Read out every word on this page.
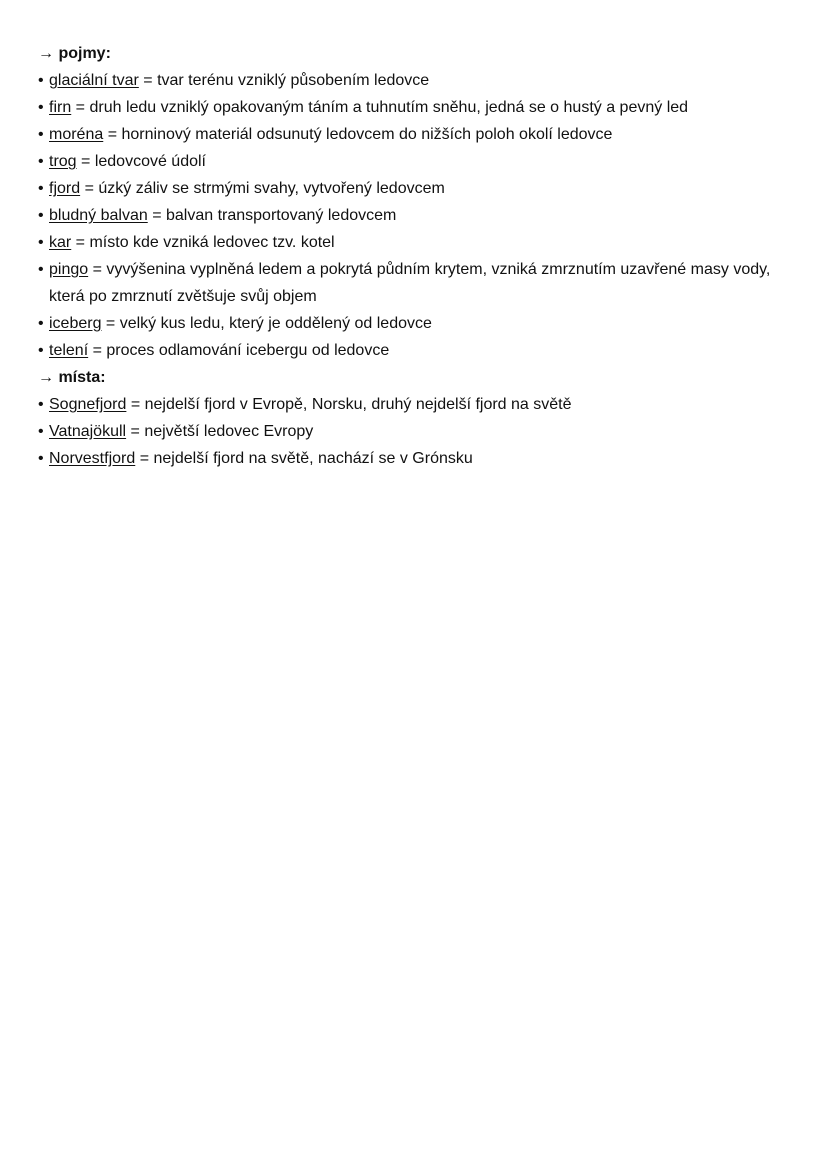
→ pojmy:
• glaciální tvar = tvar terénu vzniklý působením ledovce
• firn = druh ledu vzniklý opakovaným táním a tuhnutím sněhu, jedná se o hustý a pevný led
• moréna = horninový materiál odsunutý ledovcem do nižších poloh okolí ledovce
• trog = ledovcové údolí
• fjord = úzký záliv se strmými svahy, vytvořený ledovcem
• bludný balvan = balvan transportovaný ledovcem
• kar = místo kde vzniká ledovec tzv. kotel
• pingo = vyvýšenina vyplněná ledem a pokrytá půdním krytem, vzniká zmrznutím uzavřené masy vody, která po zmrznutí zvětšuje svůj objem
• iceberg = velký kus ledu, který je oddělený od ledovce
• telení = proces odlamování icebergu od ledovce
→ místa:
• Sognefjord = nejdelší fjord v Evropě, Norsku, druhý nejdelší fjord na světě
• Vatnajökull = největší ledovec Evropy
• Norvestfjord = nejdelší fjord na světě, nachází se v Grónsku
